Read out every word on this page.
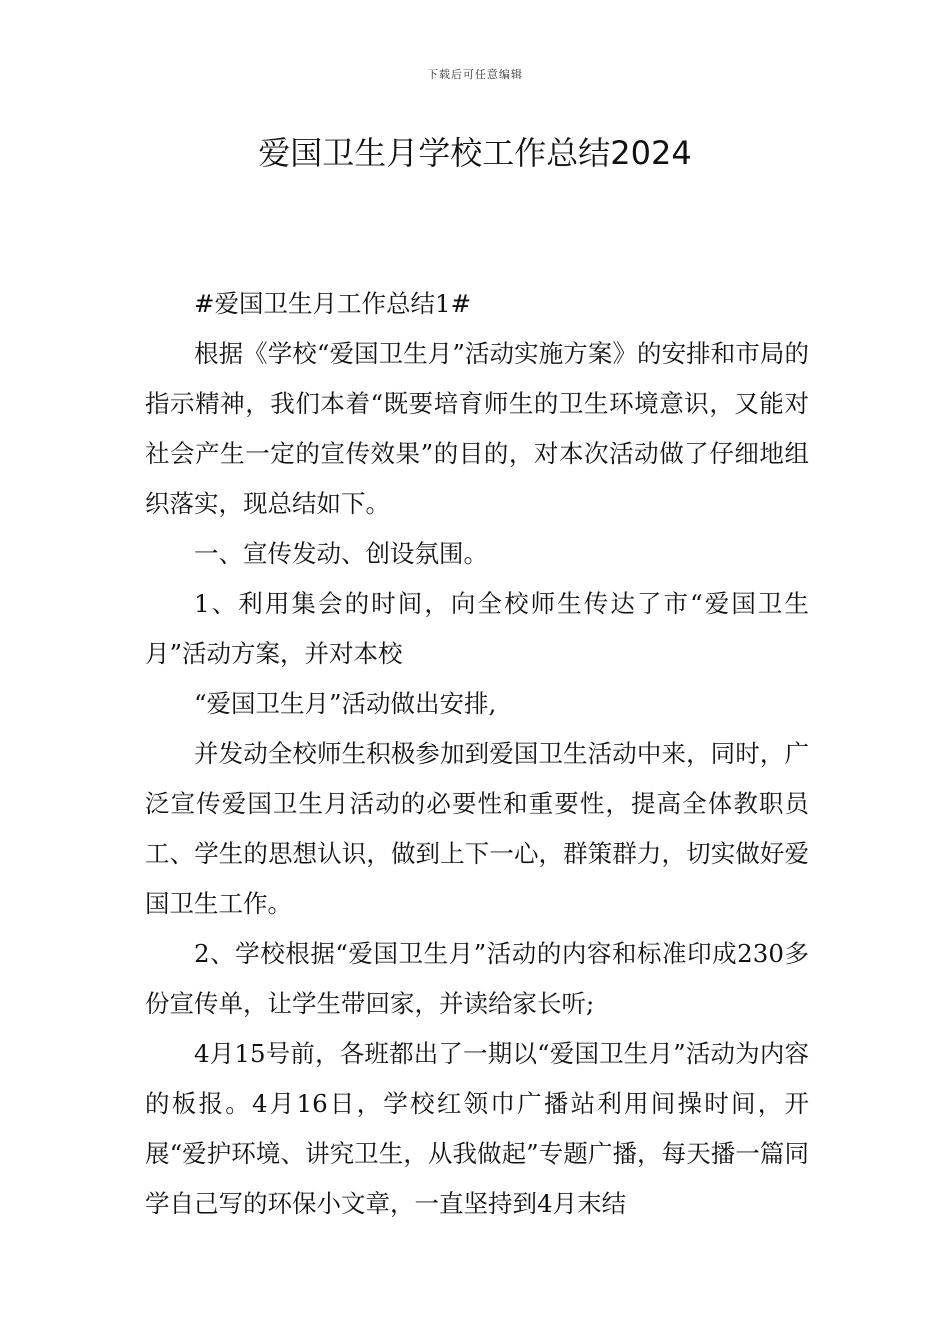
下载后可任意编辑
爱国卫生月学校工作总结2024

#爱国卫生月工作总结1#

根据《学校“爱国卫生月”活动实施方案》的安排和市局的指示精神，我们本着“既要培育师生的卫生环境意识，又能对社会产生一定的宣传效果”的目的，对本次活动做了仔细地组织落实，现总结如下。

一、宣传发动、创设氛围。

1、利用集会的时间，向全校师生传达了市“爱国卫生月”活动方案，并对本校

“爱国卫生月”活动做出安排,

并发动全校师生积极参加到爱国卫生活动中来，同时，广泛宣传爱国卫生月活动的必要性和重要性，提高全体教职员工、学生的思想认识，做到上下一心，群策群力，切实做好爱国卫生工作。

2、学校根据“爱国卫生月”活动的内容和标准印成230多份宣传单，让学生带回家，并读给家长听;

4月15号前，各班都出了一期以“爱国卫生月”活动为内容的板报。4月16日，学校红领巾广播站利用间操时间，开展“爱护环境、讲究卫生，从我做起”专题广播，每天播一篇同学自己写的环保小文章，一直坚持到4月末结
